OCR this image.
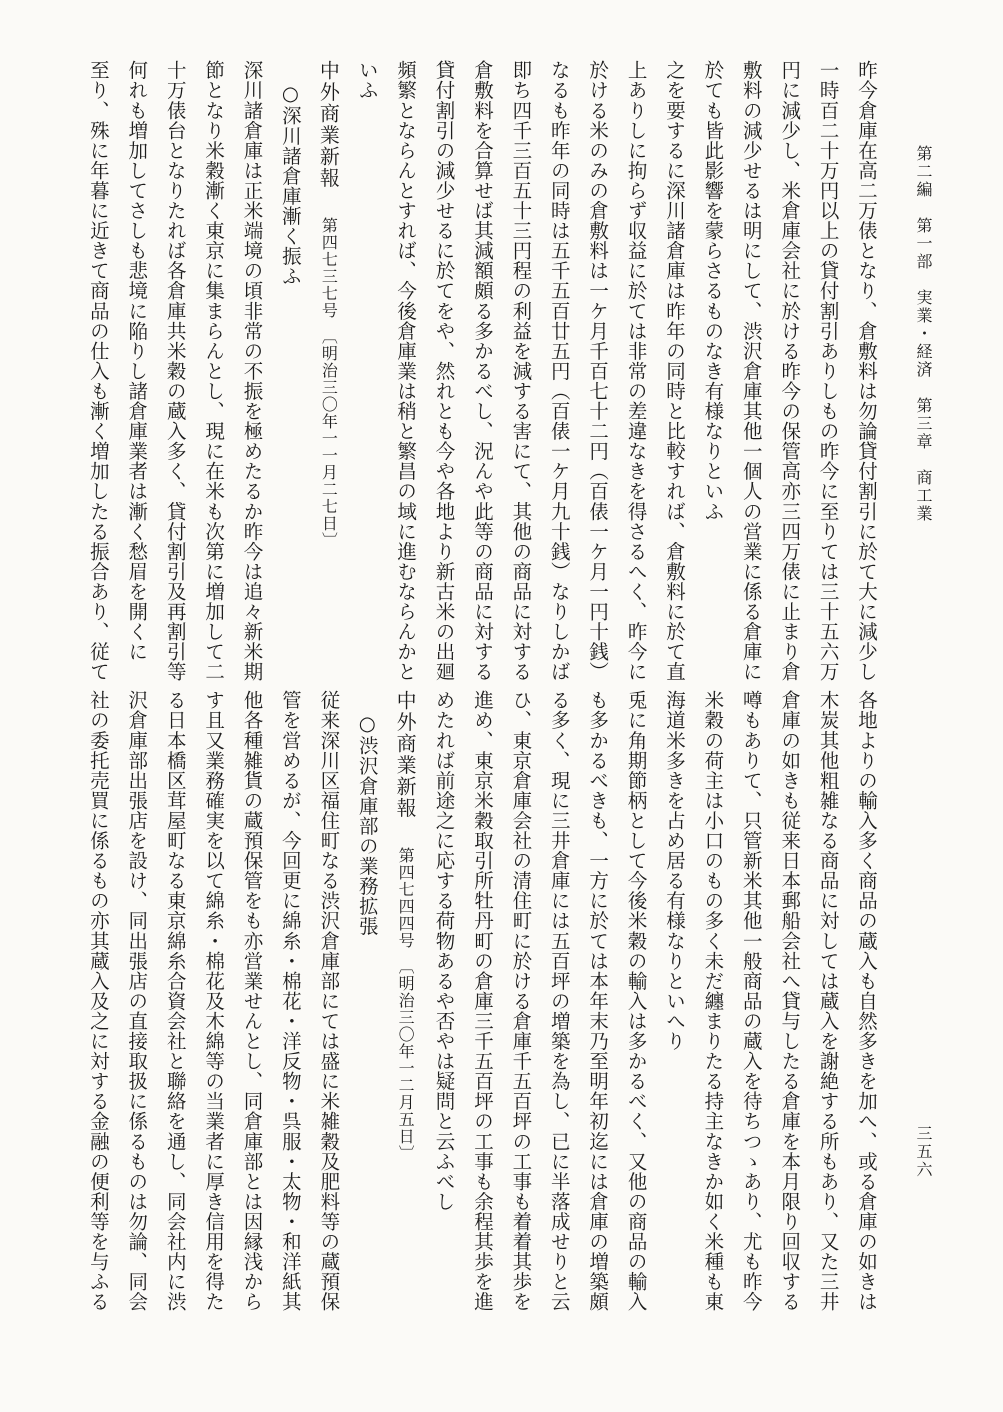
第二編　第一部　実業・経済　第三章　商工業
三五六
昨今倉庫在高二万俵となり、倉敷料は勿論貸付割引に於て大に減少し
一時百二十万円以上の貸付割引ありしもの昨今に至りては三十五六万
円に減少し、米倉庫会社に於ける昨今の保管高亦三四万俵に止まり倉
敷料の減少せるは明にして、渋沢倉庫其他一個人の営業に係る倉庫に
於ても皆此影響を蒙らさるものなき有様なりといふ
之を要するに深川諸倉庫は昨年の同時と比較すれば、倉敷料に於て直
上ありしに拘らず収益に於ては非常の差違なきを得さるへく、昨今に
於ける米のみの倉敷料は一ケ月千百七十二円（百俵一ケ月一円十銭）
なるも昨年の同時は五千五百廿五円（百俵一ケ月九十銭）なりしかば
即ち四千三百五十三円程の利益を減する害にて、其他の商品に対する
倉敷料を合算せば其減額頗る多かるべし、況んや此等の商品に対する
貸付割引の減少せるに於てをや、然れとも今や各地より新古米の出廻
頻繁とならんとすれば、今後倉庫業は稍と繁昌の域に進むならんかと
いふ
中外商業新報第四七三七号　〔明治三〇年一一月二七日〕
○深川諸倉庫漸く振ふ
深川諸倉庫は正米端境の頃非常の不振を極めたるか昨今は追々新米期
節となり米穀漸く東京に集まらんとし、現に在米も次第に増加して二
十万俵台となりたれば各倉庫共米穀の蔵入多く、貸付割引及再割引等
何れも増加してさしも悲境に陥りし諸倉庫業者は漸く愁眉を開くに
至り、殊に年暮に近きて商品の仕入も漸く増加したる振合あり、従て
各地よりの輸入多く商品の蔵入も自然多きを加へ、或る倉庫の如きは
木炭其他粗雑なる商品に対しては蔵入を謝絶する所もあり、又た三井
倉庫の如きも従来日本郵船会社へ貸与したる倉庫を本月限り回収する
噂もありて、只管新米其他一般商品の蔵入を待ちつゝあり、尤も昨今
米穀の荷主は小口のもの多く未だ纏まりたる持主なきか如く米種も東
海道米多きを占め居る有様なりといへり
兎に角期節柄として今後米穀の輸入は多かるべく、又他の商品の輸入
も多かるべきも、一方に於ては本年末乃至明年初迄には倉庫の増築頗
る多く、現に三井倉庫には五百坪の増築を為し、已に半落成せりと云
ひ、東京倉庫会社の清住町に於ける倉庫千五百坪の工事も着着其歩を
進め、東京米穀取引所牡丹町の倉庫三千五百坪の工事も余程其歩を進
めたれば前途之に応する荷物あるや否やは疑問と云ふべし
中外商業新報第四七四四号　〔明治三〇年一二月五日〕
○渋沢倉庫部の業務拡張
従来深川区福住町なる渋沢倉庫部にては盛に米雑穀及肥料等の蔵預保
管を営めるが、今回更に綿糸・棉花・洋反物・呉服・太物・和洋紙其
他各種雑貨の蔵預保管をも亦営業せんとし、同倉庫部とは因縁浅から
す且又業務確実を以て綿糸・棉花及木綿等の当業者に厚き信用を得た
る日本橋区茸屋町なる東京綿糸合資会社と聯絡を通し、同会社内に渋
沢倉庫部出張店を設け、同出張店の直接取扱に係るものは勿論、同会
社の委托売買に係るもの亦其蔵入及之に対する金融の便利等を与ふる
